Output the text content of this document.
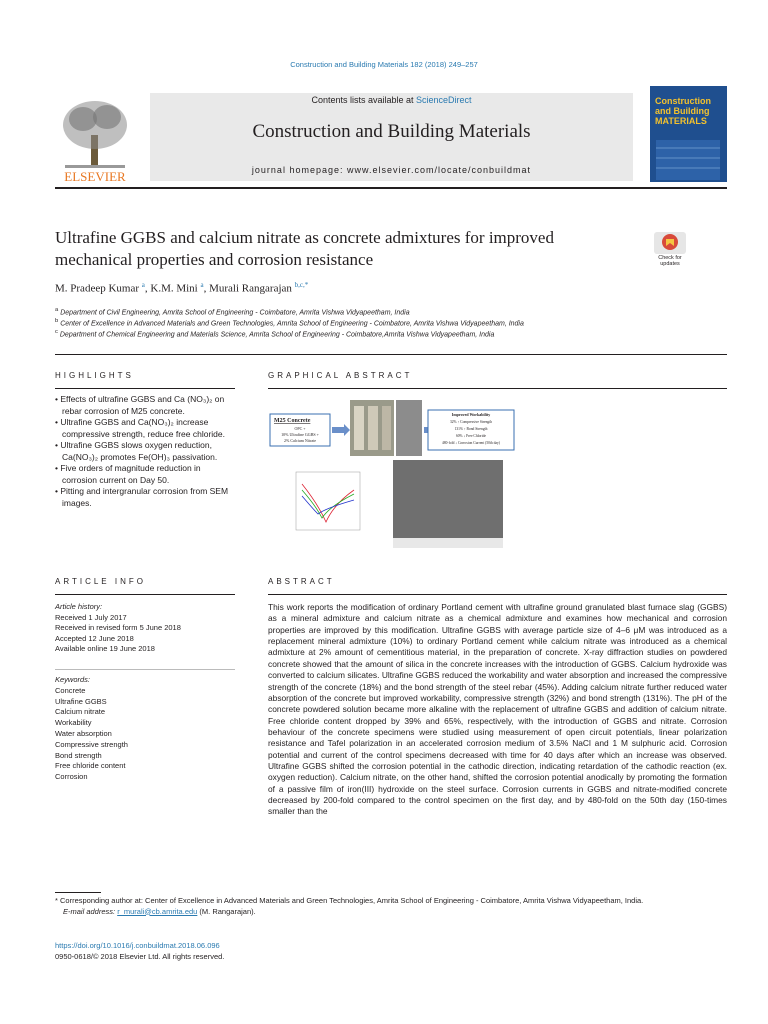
Construction and Building Materials 182 (2018) 249–257
ELSEVIER
Contents lists available at ScienceDirect
Construction and Building Materials
journal homepage: www.elsevier.com/locate/conbuildmat
Construction and Building MATERIALS
Ultrafine GGBS and calcium nitrate as concrete admixtures for improved mechanical properties and corrosion resistance	Check for updates
M. Pradeep Kumar $^a$, K.M. Mini $^a$, Murali Rangarajan $^{b,c,*}$
$^a$ Department of Civil Engineering, Amrita School of Engineering - Coimbatore, Amrita Vishwa Vidyapeetham, India
$^b$ Center of Excellence in Advanced Materials and Green Technologies, Amrita School of Engineering - Coimbatore, Amrita Vishwa Vidyapeetham, India
$^c$ Department of Chemical Engineering and Materials Science, Amrita School of Engineering - Coimbatore,Amrita Vishwa Vidyapeetham, India
HIGHLIGHTS
• Effects of ultrafine GGBS and Ca (NO₃)₂ on rebar corrosion of M25 concrete.
• Ultrafine GGBS and Ca(NO₃)₂ increase compressive strength, reduce free chloride.
• Ultrafine GGBS slows oxygen reduction, Ca(NO₃)₂ promotes Fe(OH)₃ passivation.
• Five orders of magnitude reduction in corrosion current on Day 50.
• Pitting and intergranular corrosion from SEM images.
GRAPHICAL ABSTRACT
M25 Concrete
OPC +
10% Ultrafine GGBS +
2% Calcium Nitrate
Improved Workability
32% ↑ Compressive Strength
131% ↑ Bond Strength
60% ↓ Free Chloride
480-fold ↓ Corrosion Current (50th day)
ARTICLE INFO
Article history:
Received 1 July 2017
Received in revised form 5 June 2018
Accepted 12 June 2018
Available online 19 June 2018
Keywords:
Concrete
Ultrafine GGBS
Calcium nitrate
Workability
Water absorption
Compressive strength
Bond strength
Free chloride content
Corrosion
ABSTRACT
This work reports the modification of ordinary Portland cement with ultrafine ground granulated blast furnace slag (GGBS) as a mineral admixture and calcium nitrate as a chemical admixture and examines how mechanical and corrosion properties are improved by this modification. Ultrafine GGBS with average particle size of 4–6 μM was introduced as a replacement mineral admixture (10%) to ordinary Portland cement while calcium nitrate was introduced as a chemical admixture at 2% amount of cementitious material, in the preparation of concrete. X-ray diffraction studies on powdered concrete showed that the amount of silica in the concrete increases with the introduction of GGBS. Calcium hydroxide was converted to calcium silicates. Ultrafine GGBS reduced the workability and water absorption and increased the compressive strength of the concrete (18%) and the bond strength of the steel rebar (45%). Adding calcium nitrate further reduced water absorption of the concrete but improved workability, compressive strength (32%) and bond strength (131%). The pH of the concrete powdered solution became more alkaline with the replacement of ultrafine GGBS and addition of calcium nitrate. Free chloride content dropped by 39% and 65%, respectively, with the introduction of GGBS and nitrate. Corrosion behaviour of the concrete specimens were studied using measurement of open circuit potentials, linear polarization resistance and Tafel polarization in an accelerated corrosion medium of 3.5% NaCl and 1 M sulphuric acid. Corrosion potential and current of the control specimens decreased with time for 40 days after which an increase was observed. Ultrafine GGBS shifted the corrosion potential in the cathodic direction, indicating retardation of the cathodic reaction (ex. oxygen reduction). Calcium nitrate, on the other hand, shifted the corrosion potential anodically by promoting the formation of a passive film of iron(III) hydroxide on the steel surface. Corrosion currents in GGBS and nitrate-modified concrete decreased by 200-fold compared to the control specimen on the first day, and by 480-fold on the 50th day (150-times smaller than the
* Corresponding author at: Center of Excellence in Advanced Materials and Green Technologies, Amrita School of Engineering - Coimbatore, Amrita Vishwa Vidyapeetham, India.
E-mail address: r_murali@cb.amrita.edu (M. Rangarajan).
https://doi.org/10.1016/j.conbuildmat.2018.06.096
0950-0618/© 2018 Elsevier Ltd. All rights reserved.
